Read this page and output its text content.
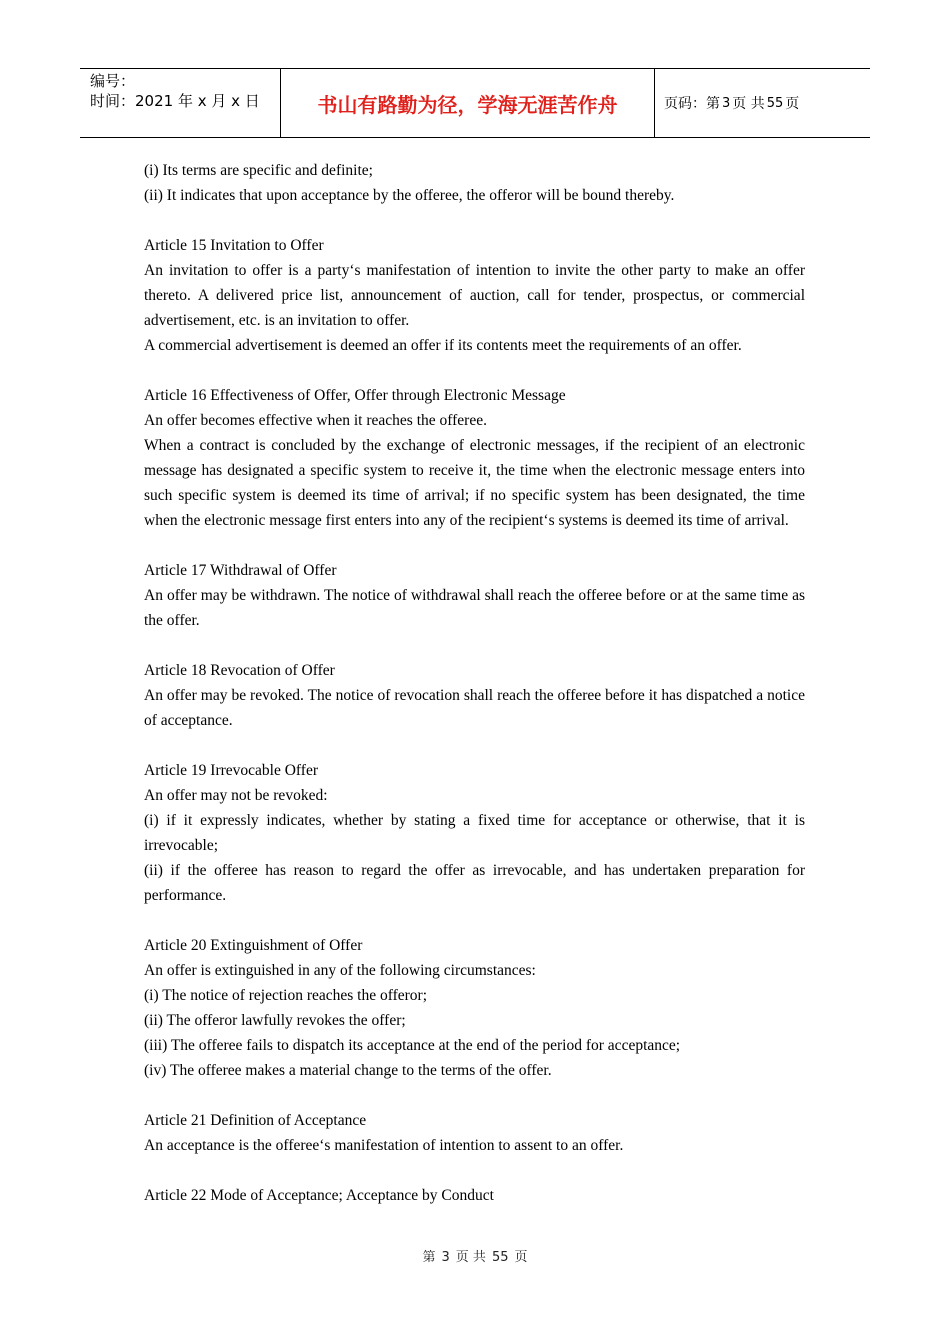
编号：
时间：2021 年 x 月 x 日	书山有路勤为径，学海无涯苦作舟	页码：第 3 页 共 55 页

(i) Its terms are specific and definite;

(ii) It indicates that upon acceptance by the offeree, the offeror will be bound thereby.

Article 15 Invitation to Offer

An invitation to offer is a party‘s manifestation of intention to invite the other party to make an offer thereto. A delivered price list, announcement of auction, call for tender, prospectus, or commercial advertisement, etc. is an invitation to offer.

A commercial advertisement is deemed an offer if its contents meet the requirements of an offer.

Article 16 Effectiveness of Offer, Offer through Electronic Message

An offer becomes effective when it reaches the offeree.

When a contract is concluded by the exchange of electronic messages, if the recipient of an electronic message has designated a specific system to receive it, the time when the electronic message enters into such specific system is deemed its time of arrival; if no specific system has been designated, the time when the electronic message first enters into any of the recipient‘s systems is deemed its time of arrival.

Article 17 Withdrawal of Offer

An offer may be withdrawn. The notice of withdrawal shall reach the offeree before or at the same time as the offer.

Article 18 Revocation of Offer

An offer may be revoked. The notice of revocation shall reach the offeree before it has dispatched a notice of acceptance.

Article 19 Irrevocable Offer

An offer may not be revoked:

(i) if it expressly indicates, whether by stating a fixed time for acceptance or otherwise, that it is irrevocable;

(ii) if the offeree has reason to regard the offer as irrevocable, and has undertaken preparation for performance.

Article 20 Extinguishment of Offer

An offer is extinguished in any of the following circumstances:

(i) The notice of rejection reaches the offeror;

(ii) The offeror lawfully revokes the offer;

(iii) The offeree fails to dispatch its acceptance at the end of the period for acceptance;

(iv) The offeree makes a material change to the terms of the offer.

Article 21 Definition of Acceptance

An acceptance is the offeree‘s manifestation of intention to assent to an offer.

Article 22 Mode of Acceptance; Acceptance by Conduct

第 3 页 共 55 页
